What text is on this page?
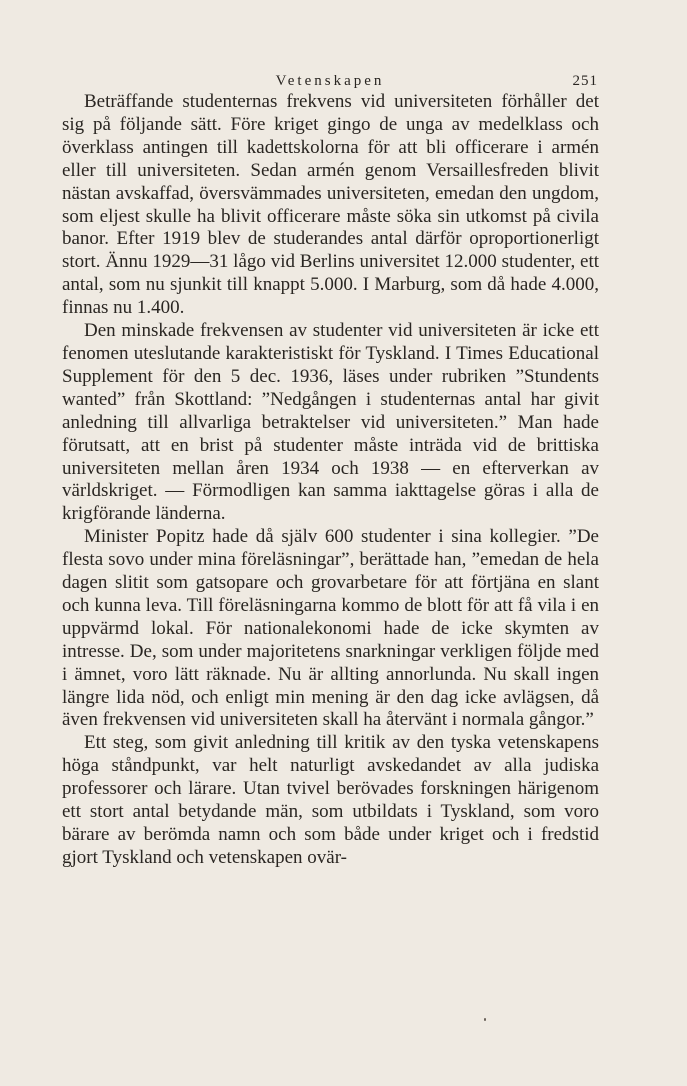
Vetenskapen	251

Beträffande studenternas frekvens vid universiteten förhåller det sig på följande sätt. Före kriget gingo de unga av medelklass och överklass antingen till kadettskolorna för att bli officerare i armén eller till universiteten. Sedan armén genom Versaillesfreden blivit nästan avskaffad, översvämmades universiteten, emedan den ungdom, som eljest skulle ha blivit officerare måste söka sin utkomst på civila banor. Efter 1919 blev de studerandes antal därför oproportionerligt stort. Ännu 1929—31 lågo vid Berlins universitet 12.000 studenter, ett antal, som nu sjunkit till knappt 5.000. I Marburg, som då hade 4.000, finnas nu 1.400.

Den minskade frekvensen av studenter vid universiteten är icke ett fenomen uteslutande karakteristiskt för Tyskland. I Times Educational Supplement för den 5 dec. 1936, läses under rubriken ”Stundents wanted” från Skottland: ”Nedgången i studenternas antal har givit anledning till allvarliga betraktelser vid universiteten.” Man hade förutsatt, att en brist på studenter måste inträda vid de brittiska universiteten mellan åren 1934 och 1938 — en efterverkan av världskriget. — Förmodligen kan samma iakttagelse göras i alla de krigförande länderna.

Minister Popitz hade då själv 600 studenter i sina kollegier. ”De flesta sovo under mina föreläsningar”, berättade han, ”emedan de hela dagen slitit som gatsopare och grovarbetare för att förtjäna en slant och kunna leva. Till föreläsningarna kommo de blott för att få vila i en uppvärmd lokal. För nationalekonomi hade de icke skymten av intresse. De, som under majoritetens snarkningar verkligen följde med i ämnet, voro lätt räknade. Nu är allting annorlunda. Nu skall ingen längre lida nöd, och enligt min mening är den dag icke avlägsen, då även frekvensen vid universiteten skall ha återvänt i normala gångor.”

Ett steg, som givit anledning till kritik av den tyska vetenskapens höga ståndpunkt, var helt naturligt avskedandet av alla judiska professorer och lärare. Utan tvivel berövades forskningen härigenom ett stort antal betydande män, som utbildats i Tyskland, som voro bärare av berömda namn och som både under kriget och i fredstid gjort Tyskland och vetenskapen ovär-
